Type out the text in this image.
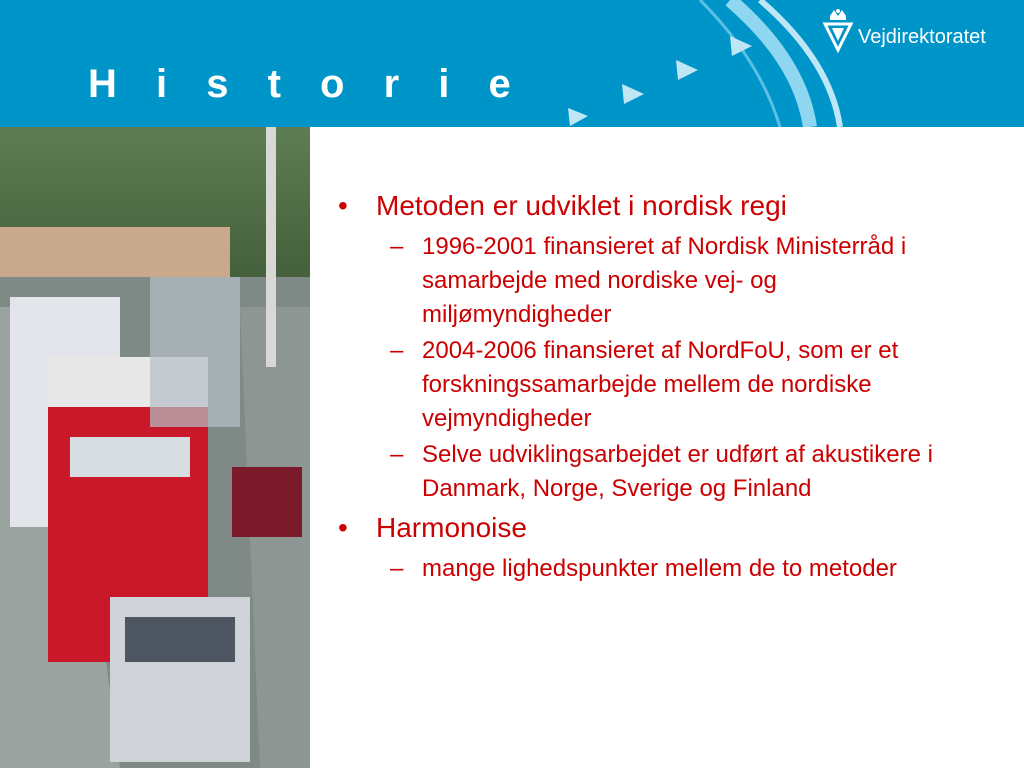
H i s t o r i e
Vejdirektoratet
• Metoden er udviklet i nordisk regi
– 1996-2001 finansieret af Nordisk Ministerråd i samarbejde med nordiske vej- og miljømyndigheder
– 2004-2006 finansieret af NordFoU, som er et forskningssamarbejde mellem de nordiske vejmyndigheder
– Selve udviklingsarbejdet er udført af akustikere i Danmark, Norge, Sverige og Finland
• Harmonoise
– mange lighedspunkter mellem de to metoder
